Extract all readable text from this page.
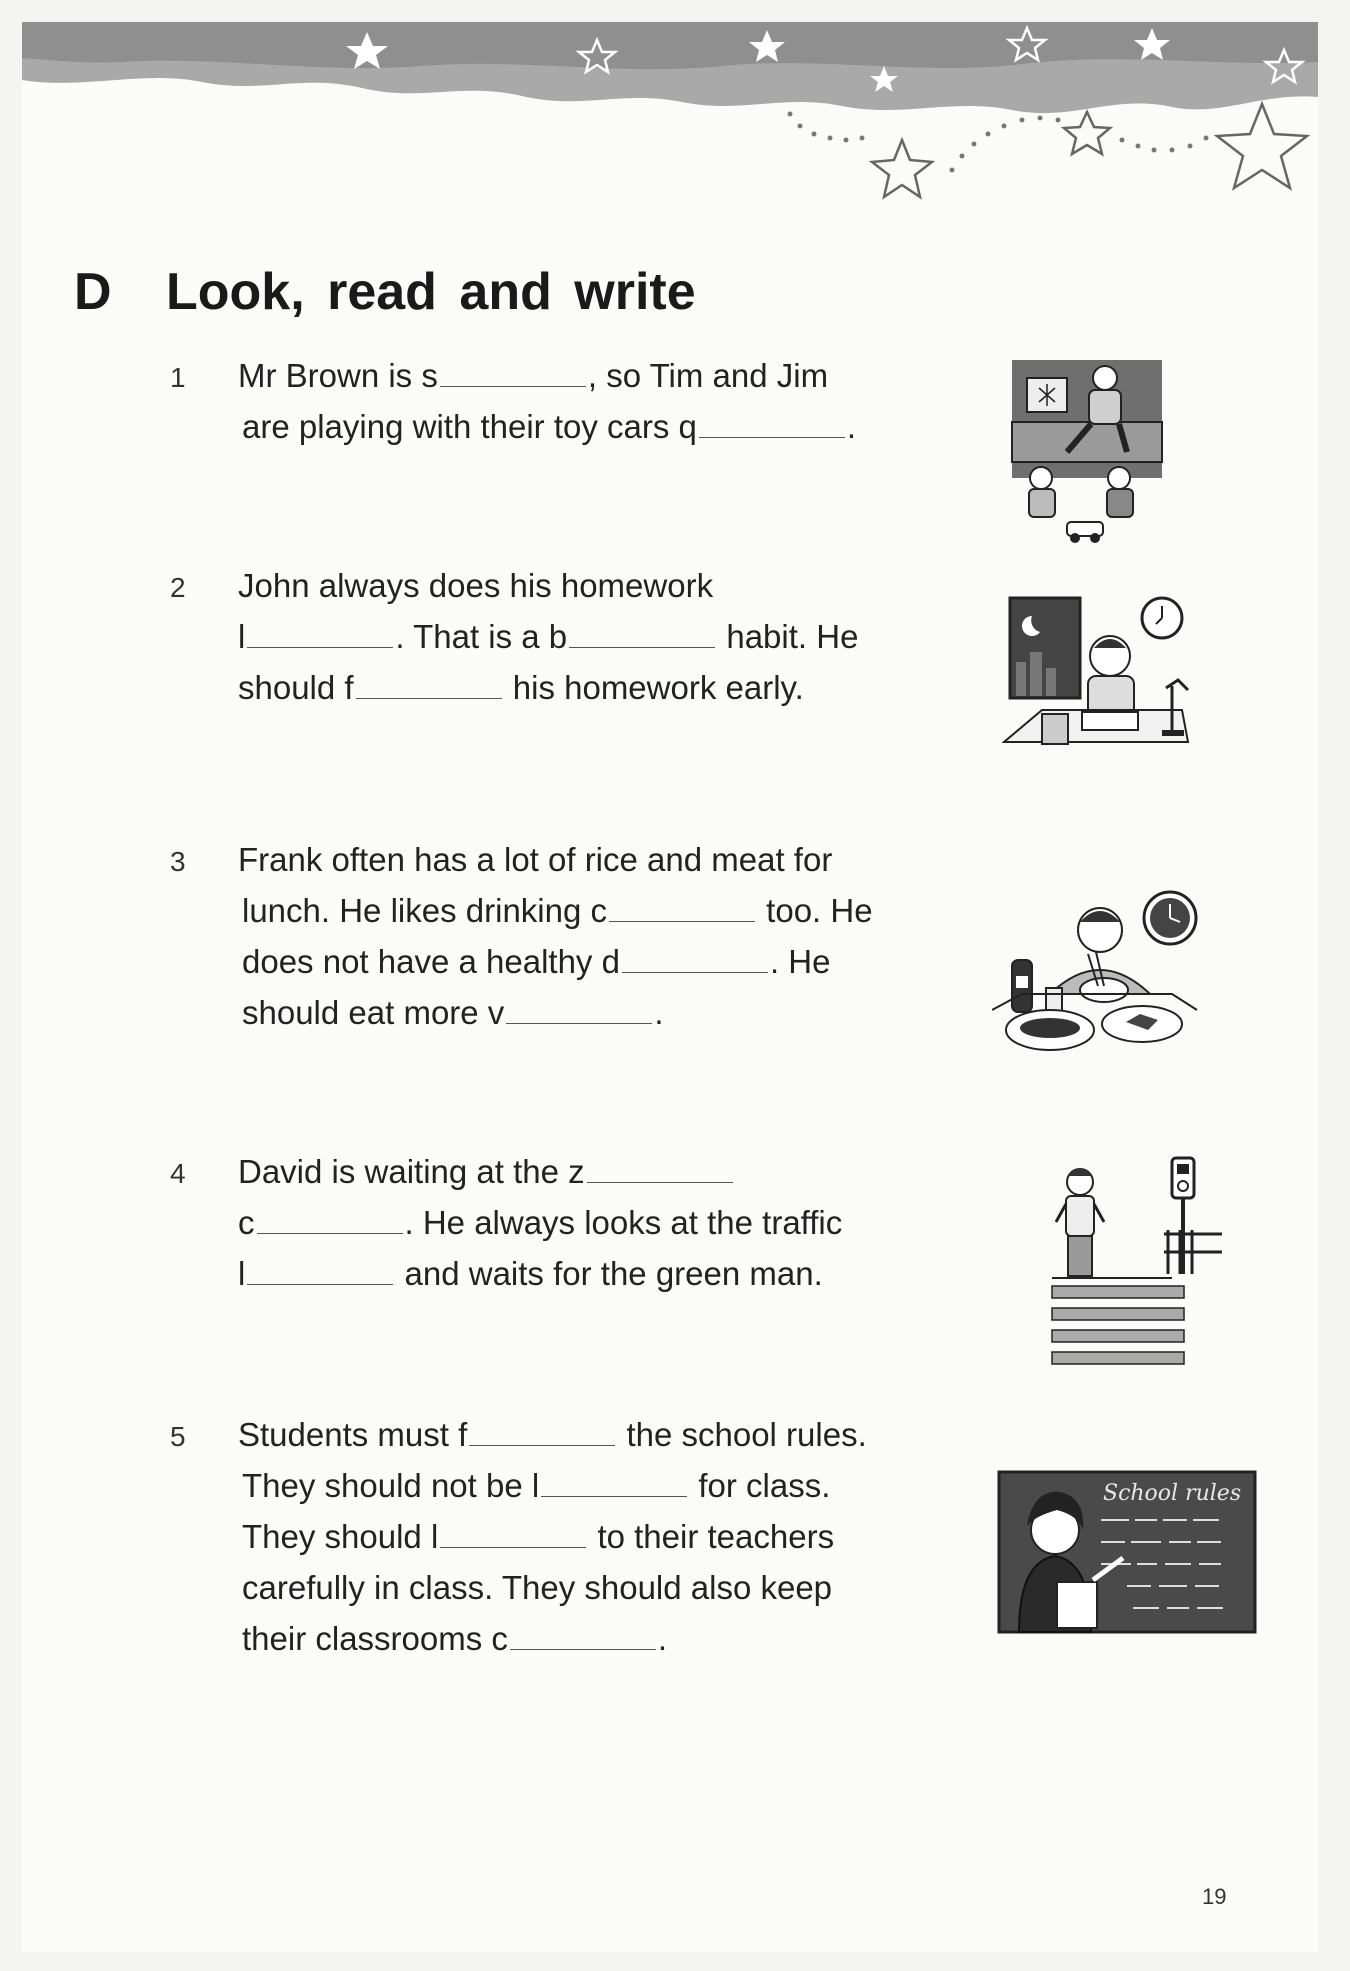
D	Look, read and write
1 Mr Brown is s	, so Tim and Jim
are playing with their toy cars q	.
2 John always does his homework
l	. That is a b	habit. He
should f	his homework early.
3 Frank often has a lot of rice and meat for
lunch. He likes drinking c	too. He
does not have a healthy d	. He
should eat more v	.
4 David is waiting at the z
c	. He always looks at the traffic
l	and waits for the green man.
5 Students must f	the school rules.
They should not be l	for class.
They should l	to their teachers
carefully in class. They should also keep
their classrooms c	.
School rules
19
